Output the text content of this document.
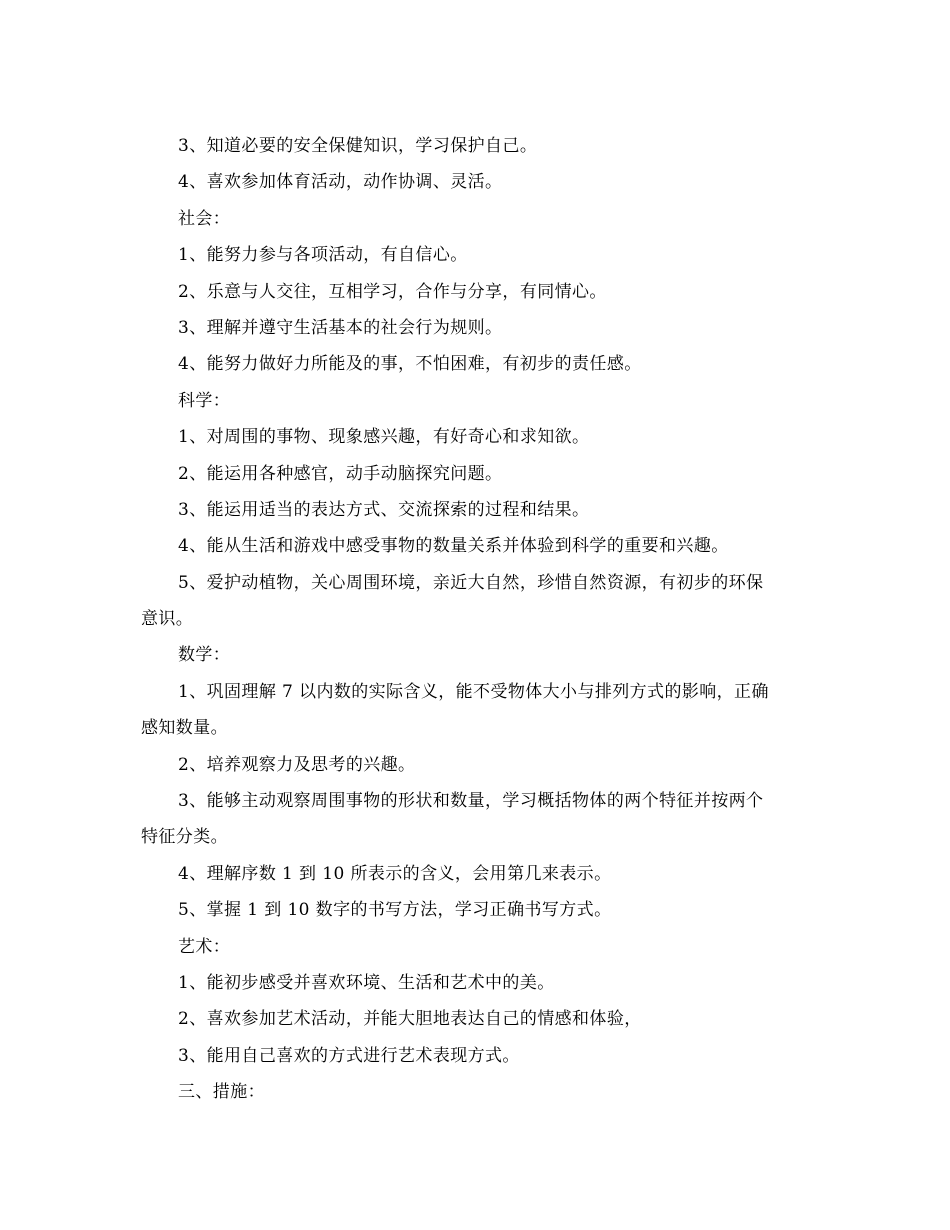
3、知道必要的安全保健知识，学习保护自己。
4、喜欢参加体育活动，动作协调、灵活。
社会：
1、能努力参与各项活动，有自信心。
2、乐意与人交往，互相学习，合作与分享，有同情心。
3、理解并遵守生活基本的社会行为规则。
4、能努力做好力所能及的事，不怕困难，有初步的责任感。
科学：
1、对周围的事物、现象感兴趣，有好奇心和求知欲。
2、能运用各种感官，动手动脑探究问题。
3、能运用适当的表达方式、交流探索的过程和结果。
4、能从生活和游戏中感受事物的数量关系并体验到科学的重要和兴趣。
5、爱护动植物，关心周围环境，亲近大自然，珍惜自然资源，有初步的环保
意识。
数学：
1、巩固理解 7 以内数的实际含义，能不受物体大小与排列方式的影响，正确
感知数量。
2、培养观察力及思考的兴趣。
3、能够主动观察周围事物的形状和数量，学习概括物体的两个特征并按两个
特征分类。
4、理解序数 1 到 10 所表示的含义，会用第几来表示。
5、掌握 1 到 10 数字的书写方法，学习正确书写方式。
艺术：
1、能初步感受并喜欢环境、生活和艺术中的美。
2、喜欢参加艺术活动，并能大胆地表达自己的情感和体验，
3、能用自己喜欢的方式进行艺术表现方式。
三、措施：
